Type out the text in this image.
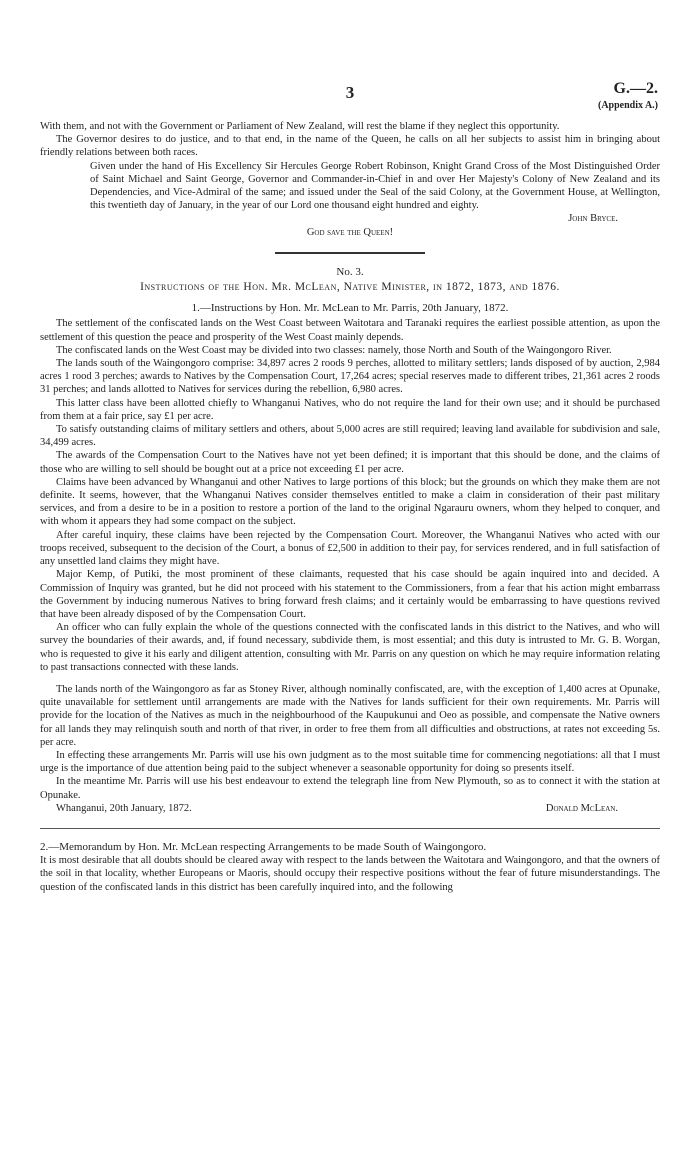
3	G.—2.
(Appendix A.)

With them, and not with the Government or Parliament of New Zealand, will rest the blame if they neglect this opportunity.

The Governor desires to do justice, and to that end, in the name of the Queen, he calls on all her subjects to assist him in bringing about friendly relations between both races.

Given under the hand of His Excellency Sir Hercules George Robert Robinson, Knight Grand Cross of the Most Distinguished Order of Saint Michael and Saint George, Governor and Commander-in-Chief in and over Her Majesty's Colony of New Zealand and its Dependencies, and Vice-Admiral of the same; and issued under the Seal of the said Colony, at the Government House, at Wellington, this twentieth day of January, in the year of our Lord one thousand eight hundred and eighty.

John Bryce.

God save the Queen!

No. 3.
Instructions of the Hon. Mr. McLean, Native Minister, in 1872, 1873, and 1876.
1.—Instructions by Hon. Mr. McLean to Mr. Parris, 20th January, 1872.

The settlement of the confiscated lands on the West Coast between Waitotara and Taranaki requires the earliest possible attention, as upon the settlement of this question the peace and prosperity of the West Coast mainly depends.

The confiscated lands on the West Coast may be divided into two classes: namely, those North and South of the Waingongoro River.

The lands south of the Waingongoro comprise: 34,897 acres 2 roods 9 perches, allotted to military settlers; lands disposed of by auction, 2,984 acres 1 rood 3 perches; awards to Natives by the Compensation Court, 17,264 acres; special reserves made to different tribes, 21,361 acres 2 roods 31 perches; and lands allotted to Natives for services during the rebellion, 6,980 acres.

This latter class have been allotted chiefly to Whanganui Natives, who do not require the land for their own use; and it should be purchased from them at a fair price, say £1 per acre.

To satisfy outstanding claims of military settlers and others, about 5,000 acres are still required; leaving land available for subdivision and sale, 34,499 acres.

The awards of the Compensation Court to the Natives have not yet been defined; it is important that this should be done, and the claims of those who are willing to sell should be bought out at a price not exceeding £1 per acre.

Claims have been advanced by Whanganui and other Natives to large portions of this block; but the grounds on which they make them are not definite. It seems, however, that the Whanganui Natives consider themselves entitled to make a claim in consideration of their past military services, and from a desire to be in a position to restore a portion of the land to the original Ngarauru owners, whom they helped to conquer, and with whom it appears they had some compact on the subject.

After careful inquiry, these claims have been rejected by the Compensation Court. Moreover, the Whanganui Natives who acted with our troops received, subsequent to the decision of the Court, a bonus of £2,500 in addition to their pay, for services rendered, and in full satisfaction of any unsettled land claims they might have.

Major Kemp, of Putiki, the most prominent of these claimants, requested that his case should be again inquired into and decided. A Commission of Inquiry was granted, but he did not proceed with his statement to the Commissioners, from a fear that his action might embarrass the Government by inducing numerous Natives to bring forward fresh claims; and it certainly would be embarrassing to have questions revived that have been already disposed of by the Compensation Court.

An officer who can fully explain the whole of the questions connected with the confiscated lands in this district to the Natives, and who will survey the boundaries of their awards, and, if found necessary, subdivide them, is most essential; and this duty is intrusted to Mr. G. B. Worgan, who is requested to give it his early and diligent attention, consulting with Mr. Parris on any question on which he may require information relating to past transactions connected with these lands.

The lands north of the Waingongoro as far as Stoney River, although nominally confiscated, are, with the exception of 1,400 acres at Opunake, quite unavailable for settlement until arrangements are made with the Natives for lands sufficient for their own requirements. Mr. Parris will provide for the location of the Natives as much in the neighbourhood of the Kaupukunui and Oeo as possible, and compensate the Native owners for all lands they may relinquish south and north of that river, in order to free them from all difficulties and obstructions, at rates not exceeding 5s. per acre.

In effecting these arrangements Mr. Parris will use his own judgment as to the most suitable time for commencing negotiations: all that I must urge is the importance of due attention being paid to the subject whenever a seasonable opportunity for doing so presents itself.

In the meantime Mr. Parris will use his best endeavour to extend the telegraph line from New Plymouth, so as to connect it with the station at Opunake.

Whanganui, 20th January, 1872.	Donald McLean.

2.—Memorandum by Hon. Mr. McLean respecting Arrangements to be made South of Waingongoro.

It is most desirable that all doubts should be cleared away with respect to the lands between the Waitotara and Waingongoro, and that the owners of the soil in that locality, whether Europeans or Maoris, should occupy their respective positions without the fear of future misunderstandings. The question of the confiscated lands in this district has been carefully inquired into, and the following
